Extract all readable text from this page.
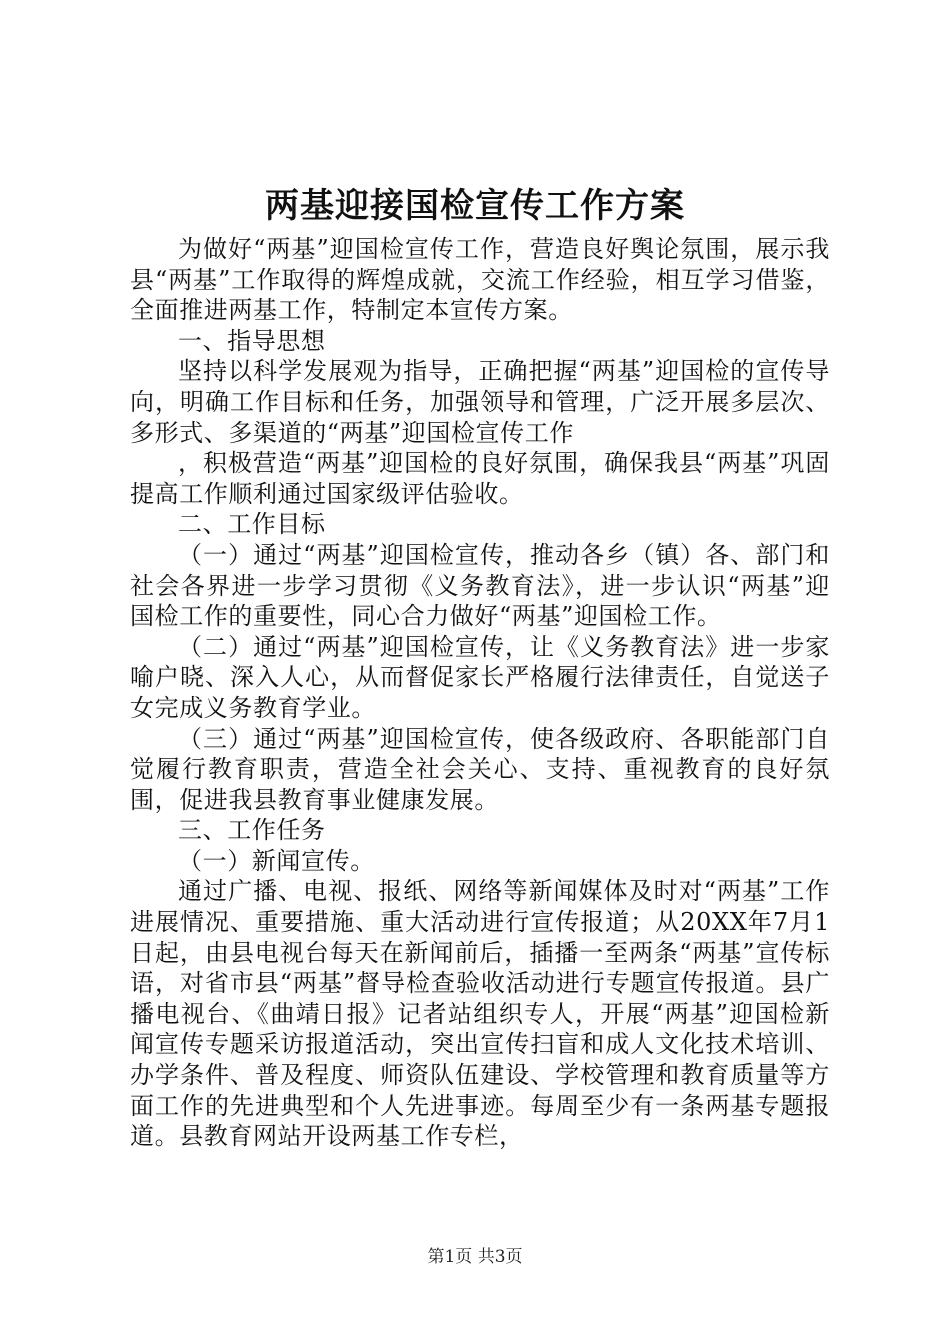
两基迎接国检宣传工作方案

为做好“两基”迎国检宣传工作，营造良好舆论氛围，展示我县“两基”工作取得的辉煌成就，交流工作经验，相互学习借鉴，全面推进两基工作，特制定本宣传方案。

一、指导思想

坚持以科学发展观为指导，正确把握“两基”迎国检的宣传导向，明确工作目标和任务，加强领导和管理，广泛开展多层次、多形式、多渠道的“两基”迎国检宣传工作

，积极营造“两基”迎国检的良好氛围，确保我县“两基”巩固提高工作顺利通过国家级评估验收。

二、工作目标

（一）通过“两基”迎国检宣传，推动各乡（镇）各、部门和社会各界进一步学习贯彻《义务教育法》，进一步认识“两基”迎国检工作的重要性，同心合力做好“两基”迎国检工作。

（二）通过“两基”迎国检宣传，让《义务教育法》进一步家喻户晓、深入人心，从而督促家长严格履行法律责任，自觉送子女完成义务教育学业。

（三）通过“两基”迎国检宣传，使各级政府、各职能部门自觉履行教育职责，营造全社会关心、支持、重视教育的良好氛围，促进我县教育事业健康发展。

三、工作任务

（一）新闻宣传。

通过广播、电视、报纸、网络等新闻媒体及时对“两基”工作进展情况、重要措施、重大活动进行宣传报道；从20XX年7月1日起，由县电视台每天在新闻前后，插播一至两条“两基”宣传标语，对省市县“两基”督导检查验收活动进行专题宣传报道。县广播电视台、《曲靖日报》记者站组织专人，开展“两基”迎国检新闻宣传专题采访报道活动，突出宣传扫盲和成人文化技术培训、办学条件、普及程度、师资队伍建设、学校管理和教育质量等方面工作的先进典型和个人先进事迹。每周至少有一条两基专题报道。县教育网站开设两基工作专栏，

第1页 共3页
